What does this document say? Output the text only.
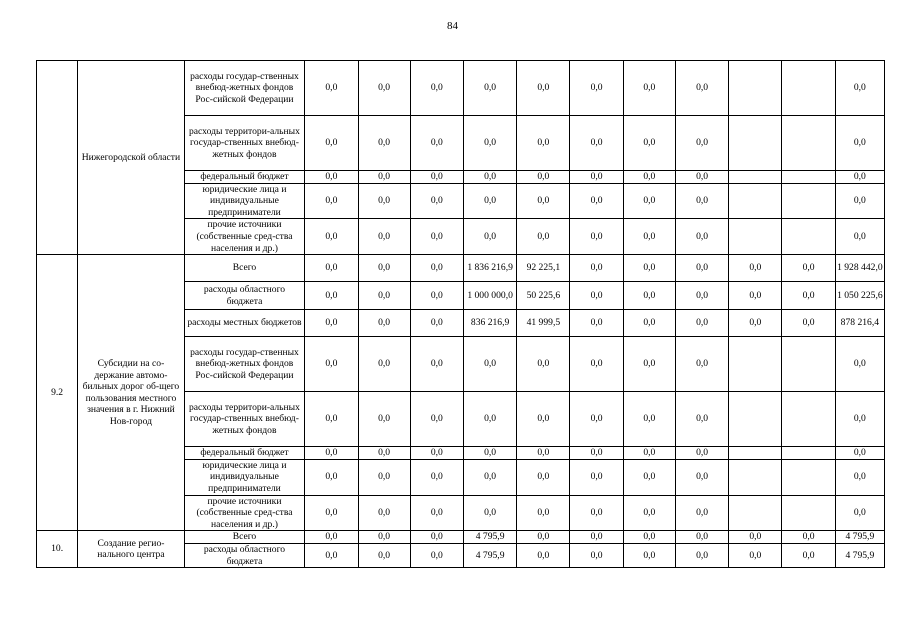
84
	Нижегородской области	расходы государ-ственных внебюд-жетных фондов Рос-сийской Федерации	0,0	0,0	0,0	0,0	0,0	0,0	0,0	0,0			0,0
		расходы территори-альных государ-ственных внебюд-жетных фондов	0,0	0,0	0,0	0,0	0,0	0,0	0,0	0,0			0,0
		федеральный бюджет	0,0	0,0	0,0	0,0	0,0	0,0	0,0	0,0			0,0
		юридические лица и индивидуальные предприниматели	0,0	0,0	0,0	0,0	0,0	0,0	0,0	0,0			0,0
		прочие источники (собственные сред-ства населения и др.)	0,0	0,0	0,0	0,0	0,0	0,0	0,0	0,0			0,0
9.2	Субсидии на со-держание автомо-бильных дорог об-щего пользования местного значения в г. Нижний Нов-город	Всего	0,0	0,0	0,0	1 836 216,9	92 225,1	0,0	0,0	0,0	0,0	0,0	1 928 442,0
		расходы областного бюджета	0,0	0,0	0,0	1 000 000,0	50 225,6	0,0	0,0	0,0	0,0	0,0	1 050 225,6
		расходы местных бюджетов	0,0	0,0	0,0	836 216,9	41 999,5	0,0	0,0	0,0	0,0	0,0	878 216,4
		расходы государ-ственных внебюд-жетных фондов Рос-сийской Федерации	0,0	0,0	0,0	0,0	0,0	0,0	0,0	0,0			0,0
		расходы территори-альных государ-ственных внебюд-жетных фондов	0,0	0,0	0,0	0,0	0,0	0,0	0,0	0,0			0,0
		федеральный бюджет	0,0	0,0	0,0	0,0	0,0	0,0	0,0	0,0			0,0
		юридические лица и индивидуальные предприниматели	0,0	0,0	0,0	0,0	0,0	0,0	0,0	0,0			0,0
		прочие источники (собственные сред-ства населения и др.)	0,0	0,0	0,0	0,0	0,0	0,0	0,0	0,0			0,0
10.	Создание регио-нального центра	Всего	0,0	0,0	0,0	4 795,9	0,0	0,0	0,0	0,0	0,0	0,0	4 795,9
		расходы областного бюджета	0,0	0,0	0,0	4 795,9	0,0	0,0	0,0	0,0	0,0	0,0	4 795,9
